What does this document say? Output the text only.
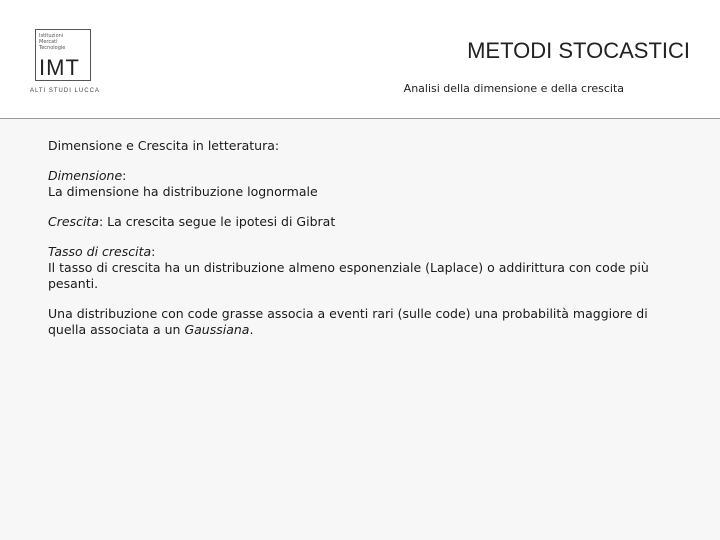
Istituzioni
Mercati
Tecnologie
IMT
ALTI STUDI LUCCA
METODI STOCASTICI
Analisi della dimensione e della crescita

Dimensione e Crescita in letteratura:

Dimensione:

La dimensione ha distribuzione lognormale

Crescita: La crescita segue le ipotesi di Gibrat

Tasso di crescita:

Il tasso di crescita ha un distribuzione almeno esponenziale (Laplace) o addirittura con code più pesanti.

Una distribuzione con code grasse associa a eventi rari (sulle code) una probabilità maggiore di quella associata a un Gaussiana.
